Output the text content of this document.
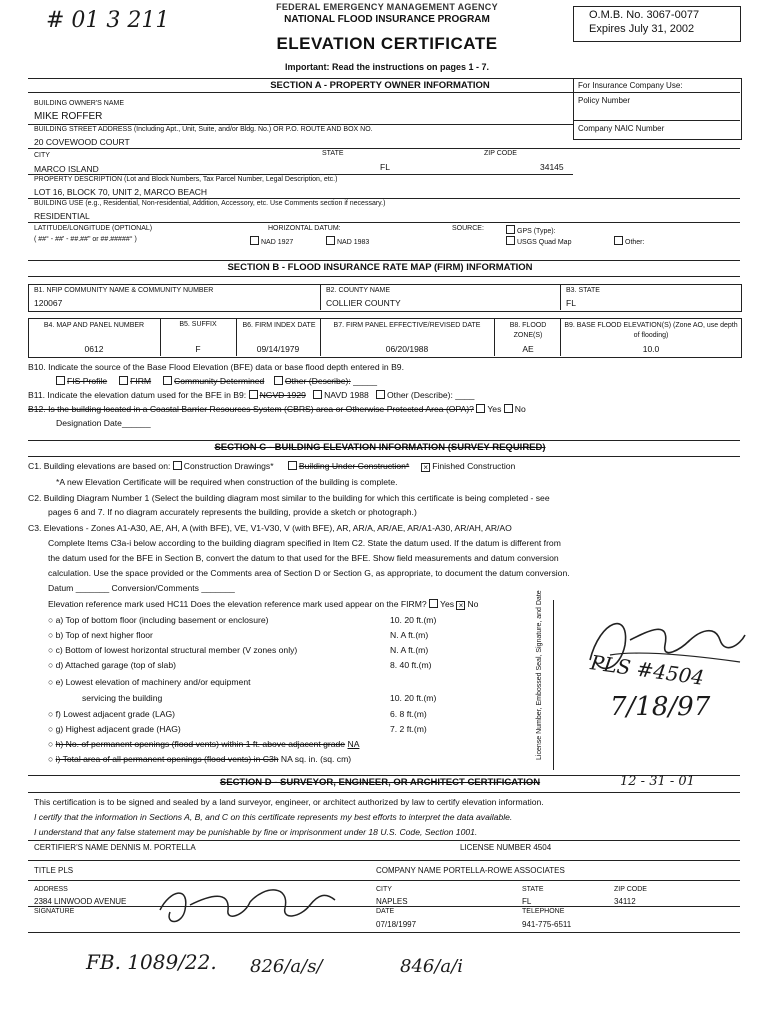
# 01 3 211
FEDERAL EMERGENCY MANAGEMENT AGENCY
NATIONAL FLOOD INSURANCE PROGRAM
ELEVATION CERTIFICATE
Important: Read the instructions on pages 1 - 7.
O.M.B. No. 3067-0077
Expires July 31, 2002
SECTION A - PROPERTY OWNER INFORMATION	For Insurance Company Use:
Policy Number
Company NAIC Number
BUILDING OWNER'S NAME
MIKE ROFFER
BUILDING STREET ADDRESS (Including Apt., Unit, Suite, and/or Bldg. No.) OR P.O. ROUTE AND BOX NO.
20 COVEWOOD COURT
CITY	STATE	ZIP CODE
MARCO ISLAND	FL	34145
PROPERTY DESCRIPTION (Lot and Block Numbers, Tax Parcel Number, Legal Description, etc.)
LOT 16, BLOCK 70, UNIT 2, MARCO BEACH
BUILDING USE (e.g., Residential, Non-residential, Addition, Accessory, etc. Use Comments section if necessary.)
RESIDENTIAL
LATITUDE/LONGITUDE (OPTIONAL)
( ##° - ##' - ##.##" or ##.#####° )
HORIZONTAL DATUM:
NAD 1927	NAD 1983
SOURCE:	GPS (Type):
USGS Quad Map	Other:
SECTION B - FLOOD INSURANCE RATE MAP (FIRM) INFORMATION
B1. NFIP COMMUNITY NAME & COMMUNITY NUMBER
120067
B2. COUNTY NAME
COLLIER COUNTY
B3. STATE
FL
B4. MAP AND PANEL NUMBER
0612
B5. SUFFIX
F
B6. FIRM INDEX DATE
09/14/1979
B7. FIRM PANEL EFFECTIVE/REVISED DATE
06/20/1988
B8. FLOOD ZONE(S)
AE
B9. BASE FLOOD ELEVATION(S) (Zone AO, use depth of flooding)
10.0
B10. Indicate the source of the Base Flood Elevation (BFE) data or base flood depth entered in B9.
FIS Profile	FIRM	Community Determined Other (Describe): _____
B11. Indicate the elevation datum used for the BFE in B9: NGVD 1929 NAVD 1988 Other (Describe): ____
B12. Is the building located in a Coastal Barrier Resources System (CBRS) area or Otherwise Protected Area (OPA)? Yes No
Designation Date______
SECTION C - BUILDING ELEVATION INFORMATION (SURVEY REQUIRED)
C1. Building elevations are based on: Construction Drawings*	Building Under Construction* × Finished Construction
*A new Elevation Certificate will be required when construction of the building is complete.
C2. Building Diagram Number 1 (Select the building diagram most similar to the building for which this certificate is being completed - see
pages 6 and 7. If no diagram accurately represents the building, provide a sketch or photograph.)
C3. Elevations - Zones A1-A30, AE, AH, A (with BFE), VE, V1-V30, V (with BFE), AR, AR/A, AR/AE, AR/A1-A30, AR/AH, AR/AO
Complete Items C3a-i below according to the building diagram specified in Item C2. State the datum used. If the datum is different from
the datum used for the BFE in Section B, convert the datum to that used for the BFE. Show field measurements and datum conversion
calculation. Use the space provided or the Comments area of Section D or Section G, as appropriate, to document the datum conversion.
Datum _______ Conversion/Comments _______
Elevation reference mark used HC11 Does the elevation reference mark used appear on the FIRM? Yes × No
○ a) Top of bottom floor (including basement or enclosure)	10. 20 ft.(m)
○ b) Top of next higher floor	N. A ft.(m)
○ c) Bottom of lowest horizontal structural member (V zones only)	N. A ft.(m)
○ d) Attached garage (top of slab)	8. 40 ft.(m)
○ e) Lowest elevation of machinery and/or equipment
servicing the building	10. 20 ft.(m)
○ f) Lowest adjacent grade (LAG)	6. 8 ft.(m)
○ g) Highest adjacent grade (HAG)	7. 2 ft.(m)
○ h) No. of permanent openings (flood vents) within 1 ft. above adjacent grade NA
○ i) Total area of all permanent openings (flood vents) in C3h NA sq. in. (sq. cm)	License Number, Embossed Seal, Signature, and Date PLS #4504
7/18/97
SECTION D - SURVEYOR, ENGINEER, OR ARCHITECT CERTIFICATION	12 - 31 - 01
This certification is to be signed and sealed by a land surveyor, engineer, or architect authorized by law to certify elevation information.
I certify that the information in Sections A, B, and C on this certificate represents my best efforts to interpret the data available.
I understand that any false statement may be punishable by fine or imprisonment under 18 U.S. Code, Section 1001.
CERTIFIER'S NAME DENNIS M. PORTELLA	LICENSE NUMBER 4504
TITLE PLS	COMPANY NAME PORTELLA-ROWE ASSOCIATES
ADDRESS
2384 LINWOOD AVENUE
CITY
NAPLES
STATE
FL
ZIP CODE
34112
SIGNATURE	DATE
07/18/1997
TELEPHONE
941-775-6511
FB. 1089/22. 826/a/s/	846/a/i
